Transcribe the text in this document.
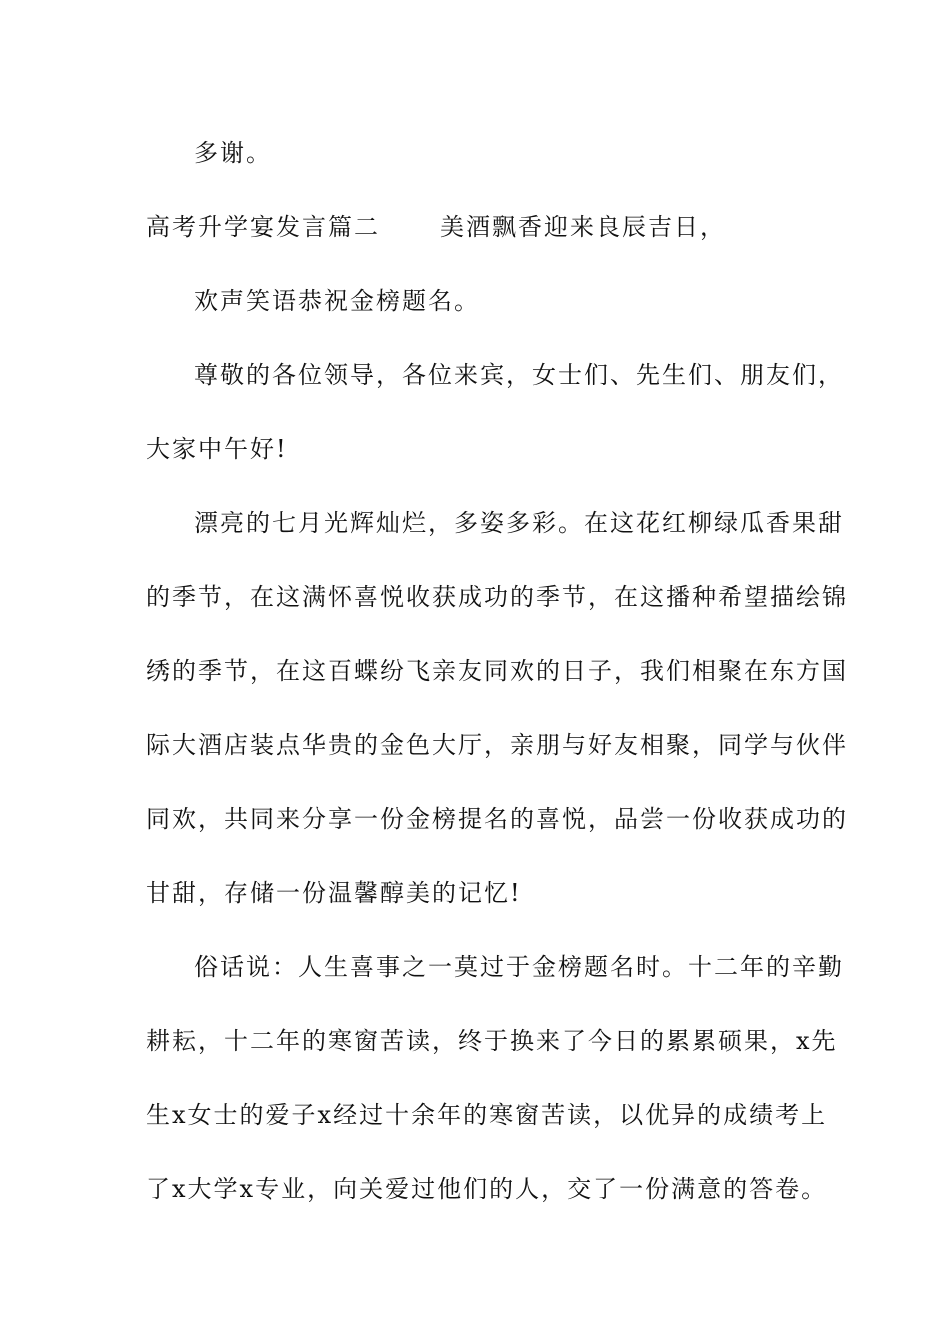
多谢。
高考升学宴发言篇二	美酒飘香迎来良辰吉日，
欢声笑语恭祝金榜题名。
尊敬的各位领导，各位来宾，女士们、先生们、朋友们，
大家中午好!
漂亮的七月光辉灿烂，多姿多彩。在这花红柳绿瓜香果甜
的季节，在这满怀喜悦收获成功的季节，在这播种希望描绘锦
绣的季节，在这百蝶纷飞亲友同欢的日子，我们相聚在东方国
际大酒店装点华贵的金色大厅，亲朋与好友相聚，同学与伙伴
同欢，共同来分享一份金榜提名的喜悦，品尝一份收获成功的
甘甜，存储一份温馨醇美的记忆!
俗话说：人生喜事之一莫过于金榜题名时。十二年的辛勤
耕耘，十二年的寒窗苦读，终于换来了今日的累累硕果，x先
生x女士的爱子x经过十余年的寒窗苦读，以优异的成绩考上
了x大学x专业，向关爱过他们的人，交了一份满意的答卷。
